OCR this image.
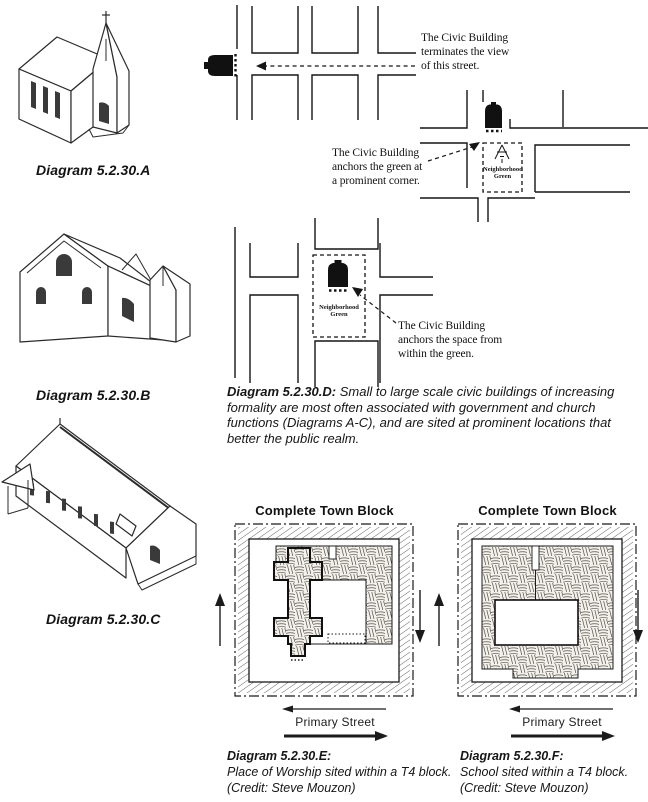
Diagram 5.2.30.A
Diagram 5.2.30.B
Diagram 5.2.30.C
The Civic Building
terminates the view
of this street.
The Civic Building
anchors the green at
a prominent corner.
Neighborhood
Green
Neighborhood
Green
The Civic Building
anchors the space from
within the green.
Diagram 5.2.30.D: Small to large scale civic buildings of increasing formality are most often associated with government and church functions (Diagrams A-C), and are sited at prominent locations that better the public realm.
Complete Town Block
Primary Street
Diagram 5.2.30.E:
Place of Worship sited within a T4 block.
(Credit: Steve Mouzon)
Complete Town Block
Primary Street
Diagram 5.2.30.F:
School sited within a T4 block.
(Credit: Steve Mouzon)
